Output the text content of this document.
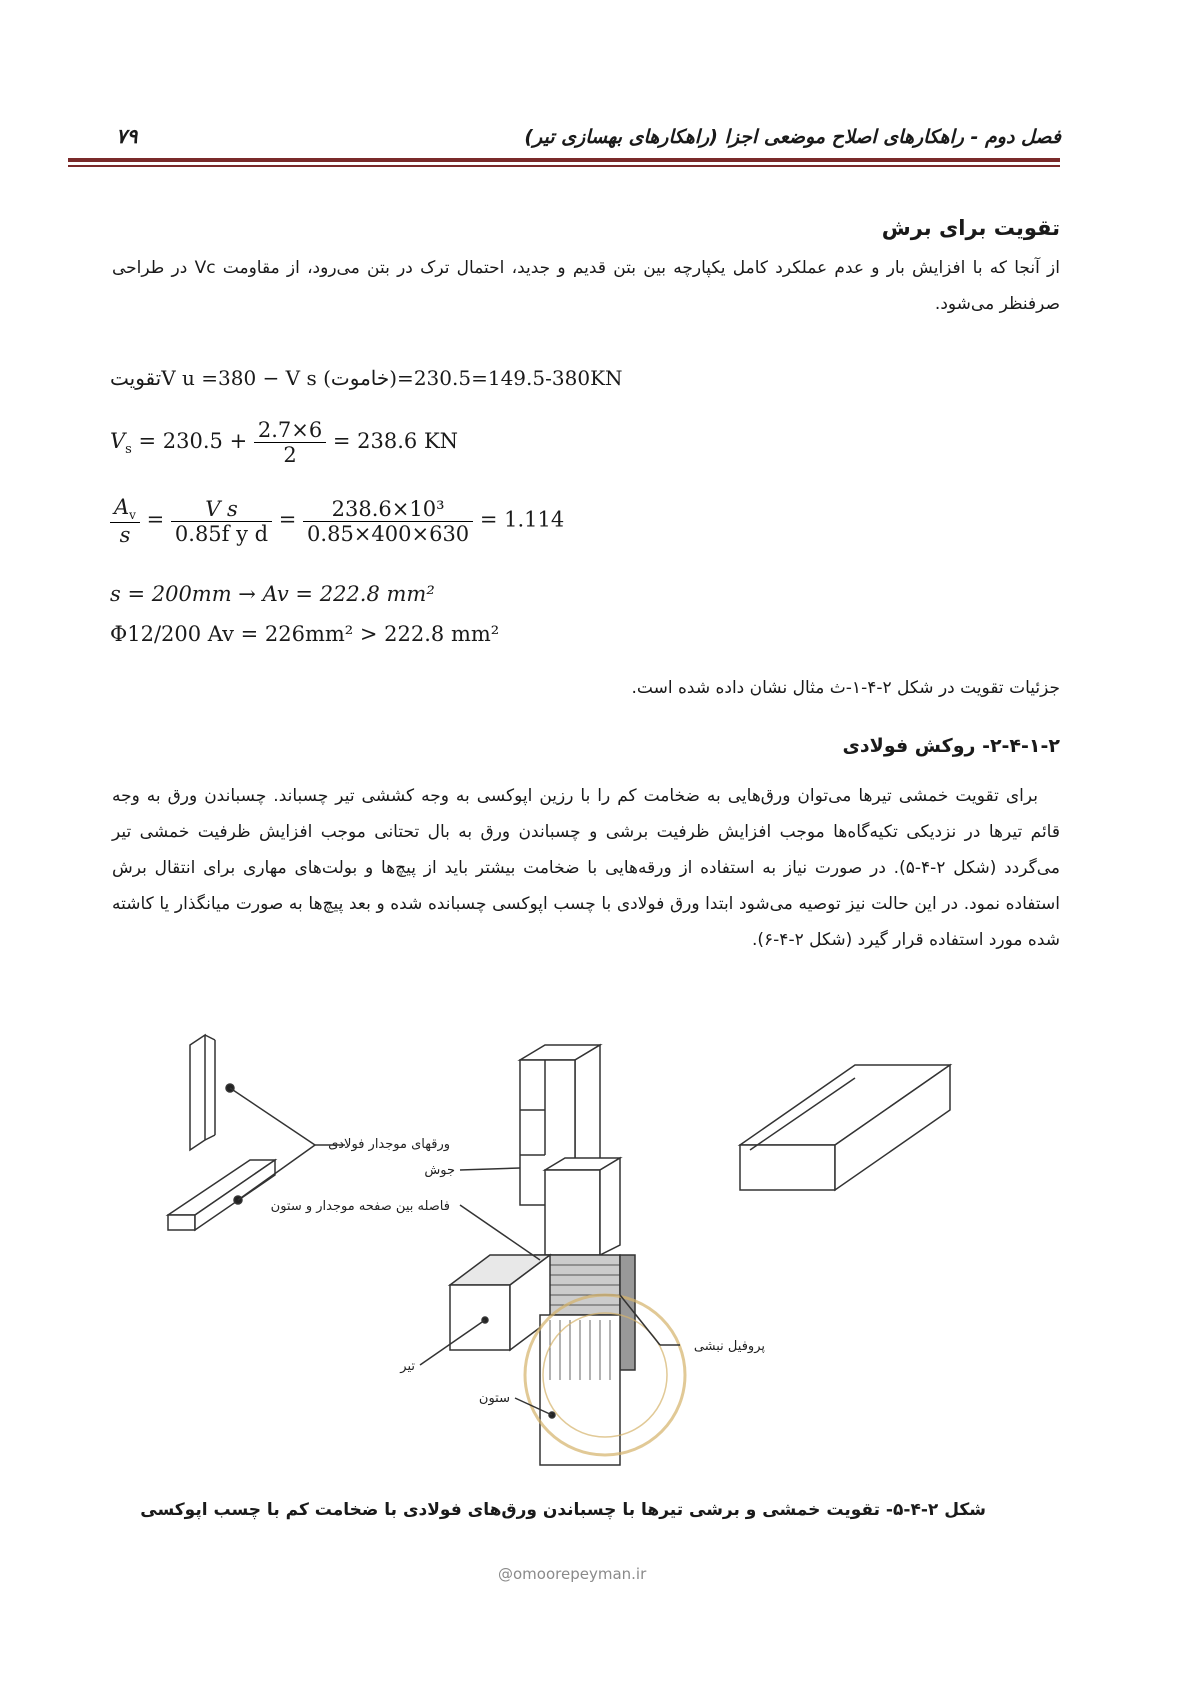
فصل دوم - راهکارهای اصلاح موضعی اجزا (راهکارهای بهسازی تیر)
۷۹
تقویت برای برش
از آنجا که با افزایش بار و عدم عملکرد کامل یکپارچه بین بتن قدیم و جدید، احتمال ترک در بتن می‌رود، از مقاومت Vc در طراحی صرفنظر می‌شود.
تقویتV u =380 − V s (خاموت)=380-149.5=230.5KN
$V_s = 230.5 + \frac{2.7\times 6}{2} = 238.6$ KN
$\frac{A_v}{s} = \frac{\text{V s}}{\text{0.85f y d}} = \frac{\text{238.6×10³}}{0.85\times 400\times 630} = 1.114$
s = 200mm → Av = 222.8 mm²
Φ12/200 Av = 226mm² > 222.8 mm²
جزئیات تقویت در شکل ۲-۴-۱-ث مثال نشان داده شده است.
۲-۴-۱-۲- روکش فولادی
برای تقویت خمشی تیرها می‌توان ورق‌هایی به ضخامت کم را با رزین اپوکسی به وجه کششی تیر چسباند. چسباندن ورق به وجه قائم تیرها در نزدیکی تکیه‌گاه‌ها موجب افزایش ظرفیت برشی و چسباندن ورق به بال تحتانی موجب افزایش ظرفیت خمشی تیر می‌گردد (شکل ۲-۴-۵). در صورت نیاز به استفاده از ورقه‌هایی با ضخامت بیشتر باید از پیچ‌ها و بولت‌های مهاری برای انتقال برش استفاده نمود. در این حالت نیز توصیه می‌شود ابتدا ورق فولادی با چسب اپوکسی چسبانده شده و بعد پیچ‌ها به صورت میانگذار یا کاشته شده مورد استفاده قرار گیرد (شکل ۲-۴-۶).
ورقهای موجدار فولادی
جوش
فاصله بین صفحه موجدار و ستون
پروفیل نبشی
تیر
ستون
شکل ۲-۴-۵- تقویت خمشی و برشی تیرها با چسباندن ورق‌های فولادی با ضخامت کم با چسب اپوکسی
@omoorepeyman.ir
